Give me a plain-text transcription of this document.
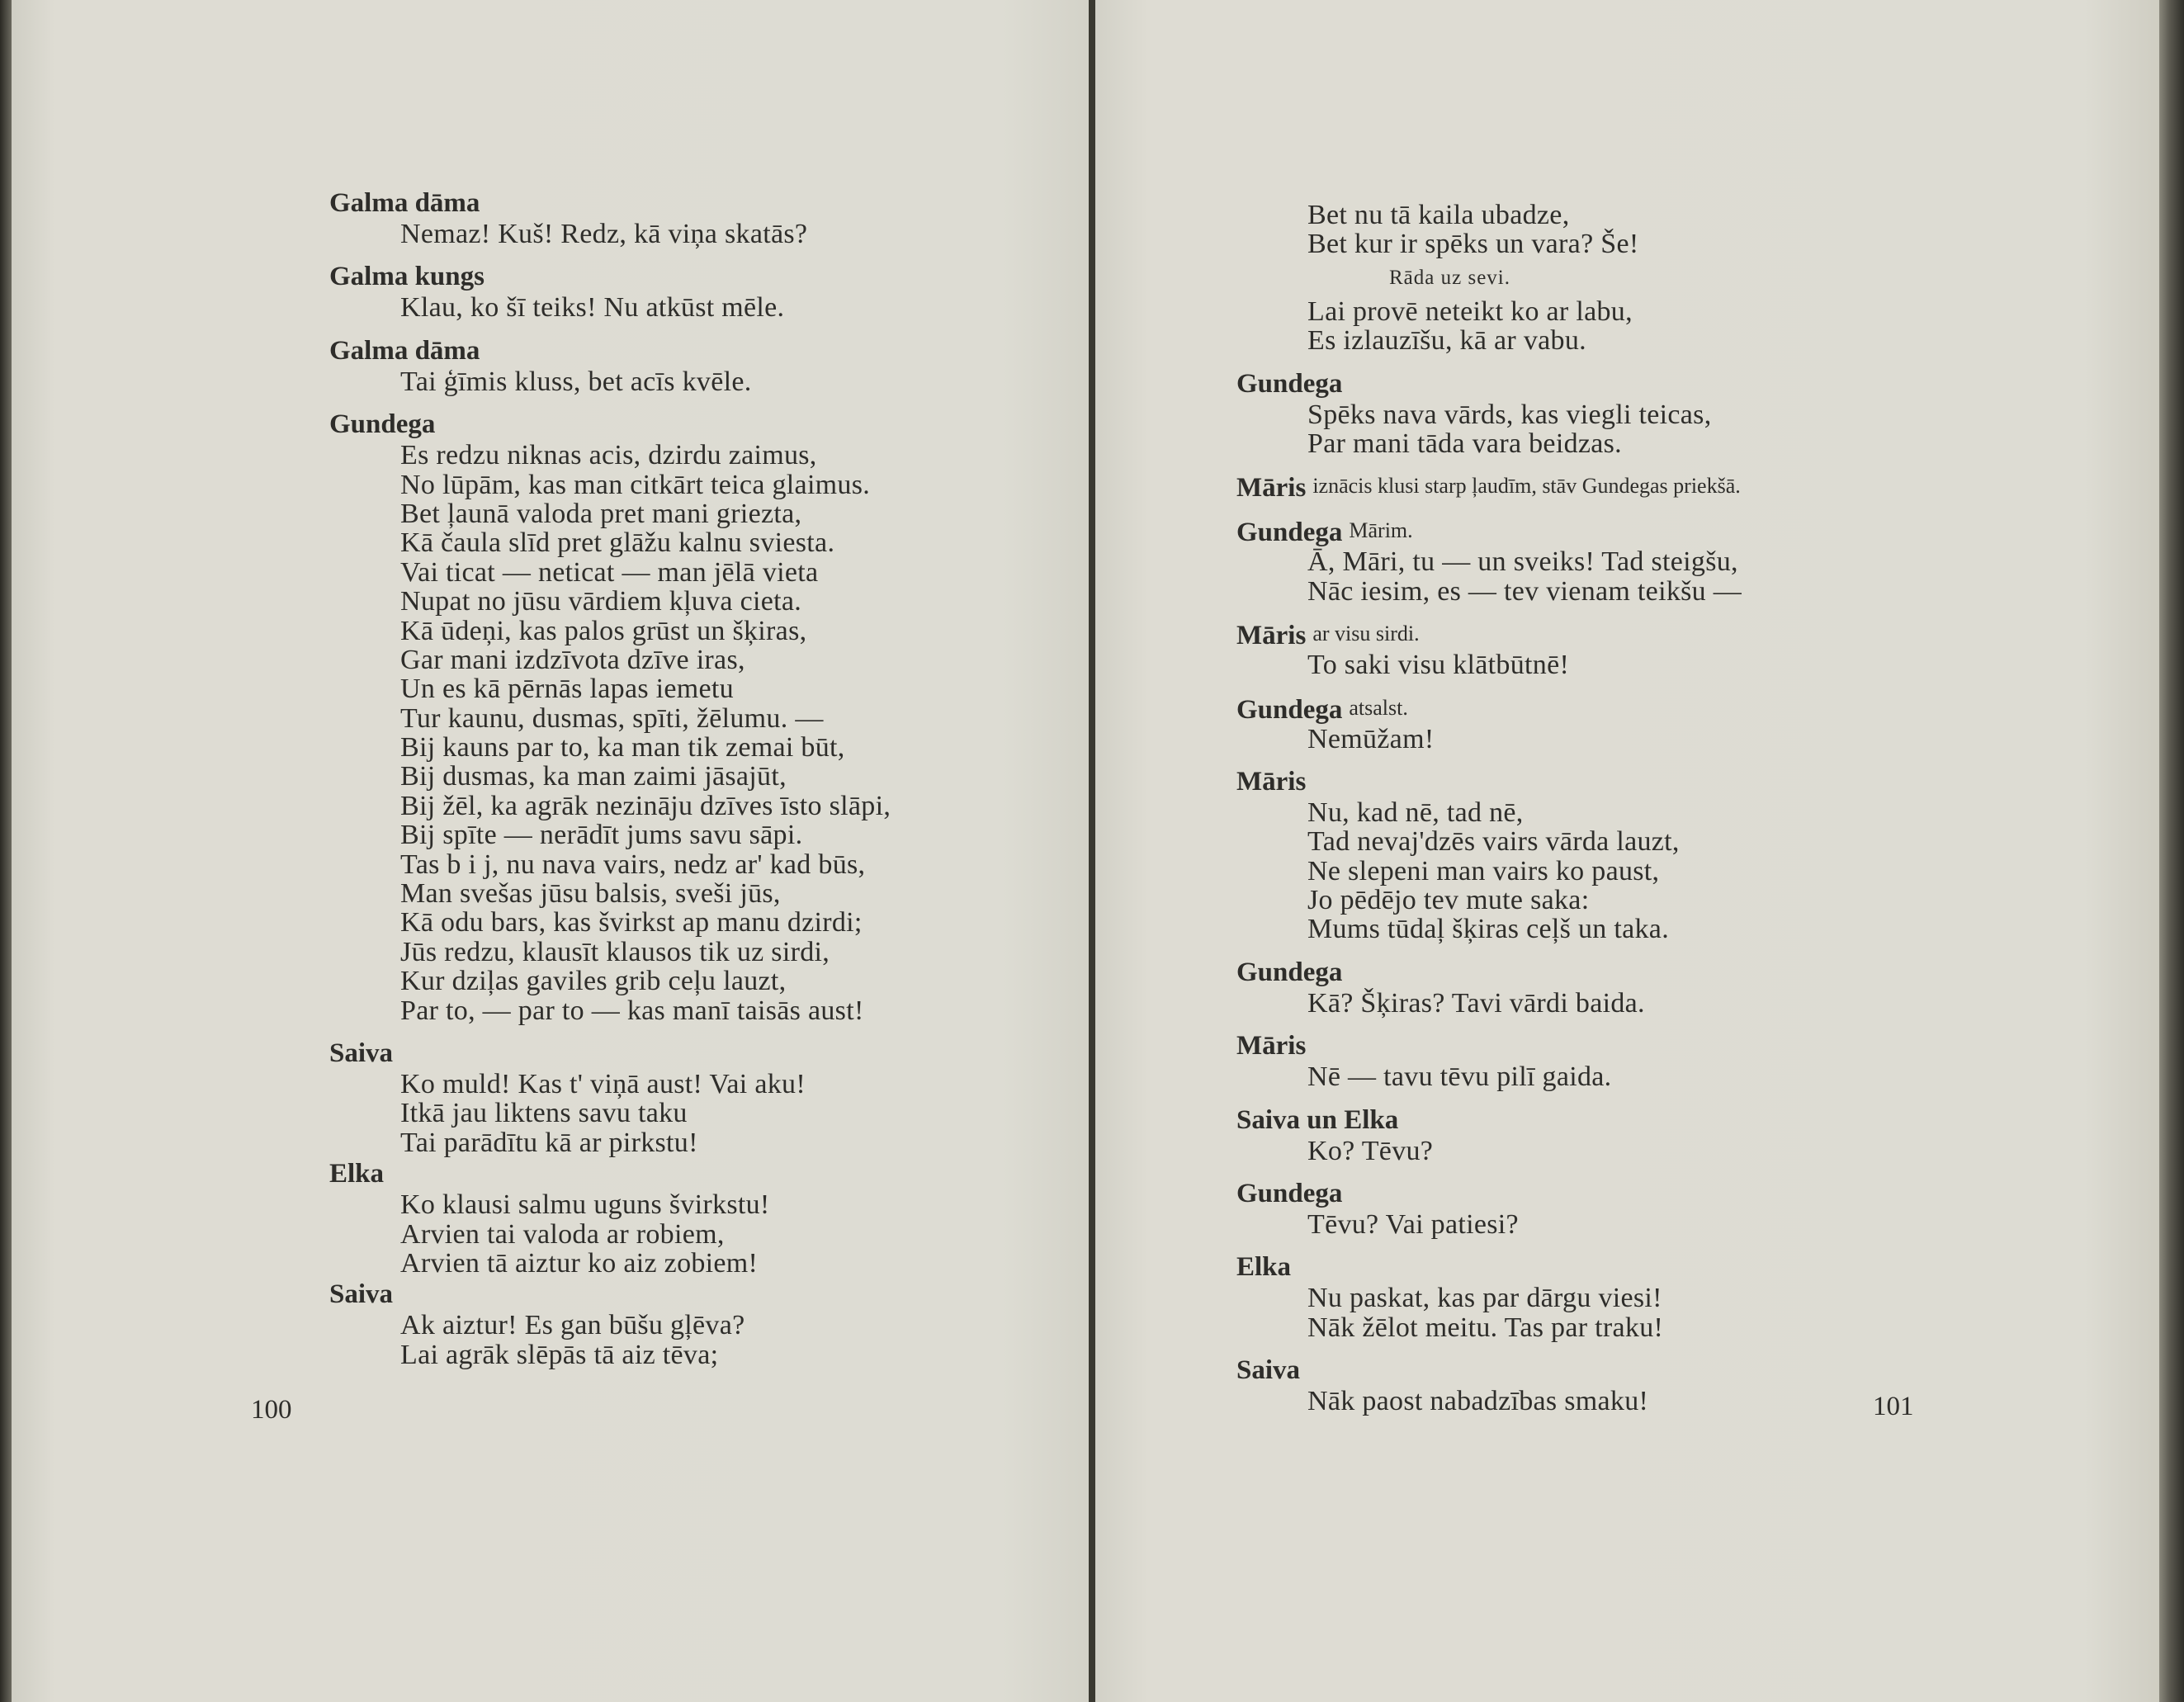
Galma dāma
Nemaz! Kuš! Redz, kā viņa skatās?
Galma kungs
Klau, ko šī teiks! Nu atkūst mēle.
Galma dāma
Tai ģīmis kluss, bet acīs kvēle.
Gundega
Es redzu niknas acis, dzirdu zaimus,
No lūpām, kas man citkārt teica glaimus.
Bet ļaunā valoda pret mani griezta,
Kā čaula slīd pret glāžu kalnu sviesta.
Vai ticat — neticat — man jēlā vieta
Nupat no jūsu vārdiem kļuva cieta.
Kā ūdeņi, kas palos grūst un šķiras,
Gar mani izdzīvota dzīve iras,
Un es kā pērnās lapas iemetu
Tur kaunu, dusmas, spīti, žēlumu. —
Bij kauns par to, ka man tik zemai būt,
Bij dusmas, ka man zaimi jāsajūt,
Bij žēl, ka agrāk nezināju dzīves īsto slāpi,
Bij spīte — nerādīt jums savu sāpi.
Tas b i j, nu nava vairs, nedz ar' kad būs,
Man svešas jūsu balsis, sveši jūs,
Kā odu bars, kas švirkst ap manu dzirdi;
Jūs redzu, klausīt klausos tik uz sirdi,
Kur dziļas gaviles grib ceļu lauzt,
Par to, — par to — kas manī taisās aust!
Saiva
Ko muld! Kas t' viņā aust! Vai aku!
Itkā jau liktens savu taku
Tai parādītu kā ar pirkstu!
Elka
Ko klausi salmu uguns švirkstu!
Arvien tai valoda ar robiem,
Arvien tā aiztur ko aiz zobiem!
Saiva
Ak aiztur! Es gan būšu gļēva?
Lai agrāk slēpās tā aiz tēva;
100
Bet nu tā kaila ubadze,
Bet kur ir spēks un vara? Še!
Rāda uz sevi.
Lai provē neteikt ko ar labu,
Es izlauzīšu, kā ar vabu.
Gundega
Spēks nava vārds, kas viegli teicas,
Par mani tāda vara beidzas.
Māris iznācis klusi starp ļaudīm, stāv Gundegas priekšā.
Gundega Mārim.
Ā, Māri, tu — un sveiks! Tad steigšu,
Nāc iesim, es — tev vienam teikšu —
Māris ar visu sirdi.
To saki visu klātbūtnē!
Gundega atsalst.
Nemūžam!
Māris
Nu, kad nē, tad nē,
Tad nevaj'dzēs vairs vārda lauzt,
Ne slepeni man vairs ko paust,
Jo pēdējo tev mute saka:
Mums tūdaļ šķiras ceļš un taka.
Gundega
Kā? Šķiras? Tavi vārdi baida.
Māris
Nē — tavu tēvu pilī gaida.
Saiva un Elka
Ko? Tēvu?
Gundega
Tēvu? Vai patiesi?
Elka
Nu paskat, kas par dārgu viesi!
Nāk žēlot meitu. Tas par traku!
Saiva
Nāk paost nabadzības smaku!	101
